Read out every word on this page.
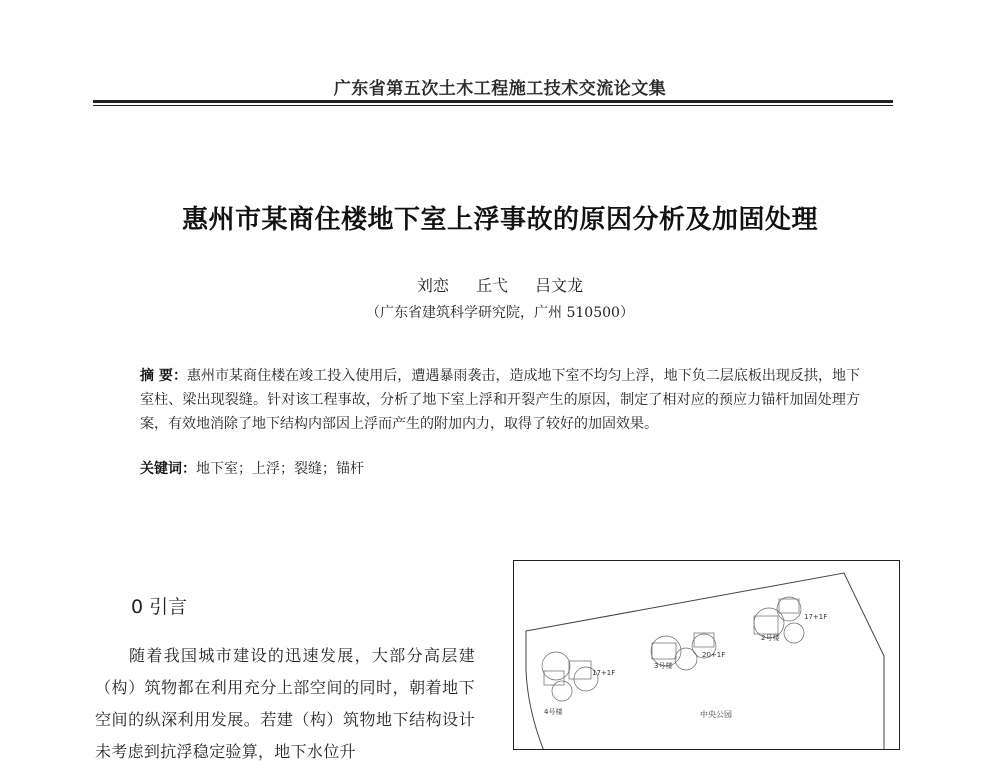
广东省第五次土木工程施工技术交流论文集
惠州市某商住楼地下室上浮事故的原因分析及加固处理
刘恋 丘弋 吕文龙
（广东省建筑科学研究院，广州 510500）
摘 要：惠州市某商住楼在竣工投入使用后，遭遇暴雨袭击，造成地下室不均匀上浮，地下负二层底板出现反拱，地下室柱、梁出现裂缝。针对该工程事故，分析了地下室上浮和开裂产生的原因，制定了相对应的预应力锚杆加固处理方案，有效地消除了地下结构内部因上浮而产生的附加内力，取得了较好的加固效果。
关键词：地下室；上浮；裂缝；锚杆
0 引言
随着我国城市建设的迅速发展，大部分高层建（构）筑物都在利用充分上部空间的同时，朝着地下空间的纵深利用发展。若建（构）筑物地下结构设计未考虑到抗浮稳定验算，地下水位升
4号楼
17+1F
3号楼
20+1F
2号楼
17+1F
中央公园
